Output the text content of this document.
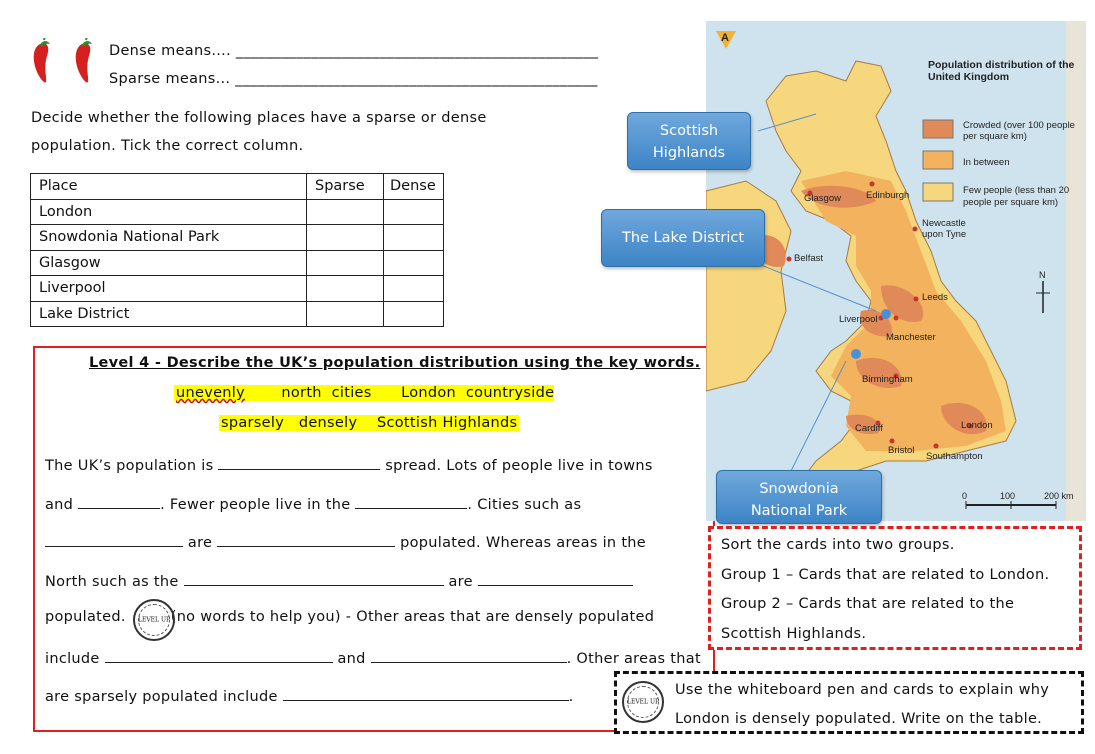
Dense means.... ________________________________________________
Sparse means... ________________________________________________
Decide whether the following places have a sparse or dense
population. Tick the correct column.
Place	Sparse	Dense
London		
Snowdonia National Park		
Glasgow		
Liverpool		
Lake District		
Level 4 - Describe the UK’s population distribution using the key words.
unevenly	north cities London countryside
sparsely densely Scottish Highlands
The UK’s population is	spread. Lots of people live in towns
and	. Fewer people live in the	. Cities such as
are	populated. Whereas areas in the
North such as the	are
populated.	(no words to help you) - Other areas that are densely populated
LEVEL UP
include	and	. Other areas that
are sparsely populated include	.
A
Population distribution of the
United Kingdom
Crowded (over 100 people
per square km)
In between
Few people (less than 20
people per square km)
Glasgow	Edinburgh
Newcastle
upon Tyne
Belfast
Leeds
Liverpool
Manchester
Birmingham
Cardiff
Bristol
London
Southampton
N
0	100	200 km
Scottish
Highlands
The Lake District
Snowdonia
National Park
Sort the cards into two groups.
Group 1 – Cards that are related to London.
Group 2 – Cards that are related to the
Scottish Highlands.
LEVEL UP
Use the whiteboard pen and cards to explain why
London is densely populated. Write on the table.
